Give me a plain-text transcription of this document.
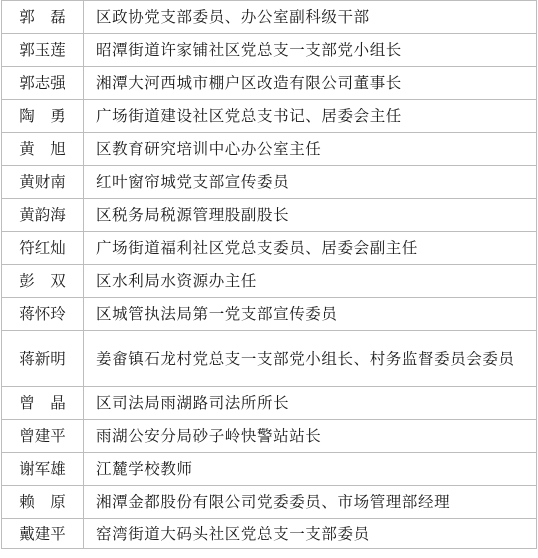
郭　磊	区政协党支部委员、办公室副科级干部
郭玉莲	昭潭街道许家铺社区党总支一支部党小组长
郭志强	湘潭大河西城市棚户区改造有限公司董事长
陶　勇	广场街道建设社区党总支书记、居委会主任
黄　旭	区教育研究培训中心办公室主任
黄财南	红叶窗帘城党支部宣传委员
黄韵海	区税务局税源管理股副股长
符红灿	广场街道福利社区党总支委员、居委会副主任
彭　双	区水利局水资源办主任
蒋怀玲	区城管执法局第一党支部宣传委员
蒋新明	姜畲镇石龙村党总支一支部党小组长、村务监督委员会委员
曾　晶	区司法局雨湖路司法所所长
曾建平	雨湖公安分局砂子岭快警站站长
谢军雄	江麓学校教师
赖　原	湘潭金都股份有限公司党委委员、市场管理部经理
戴建平	窑湾街道大码头社区党总支一支部委员
